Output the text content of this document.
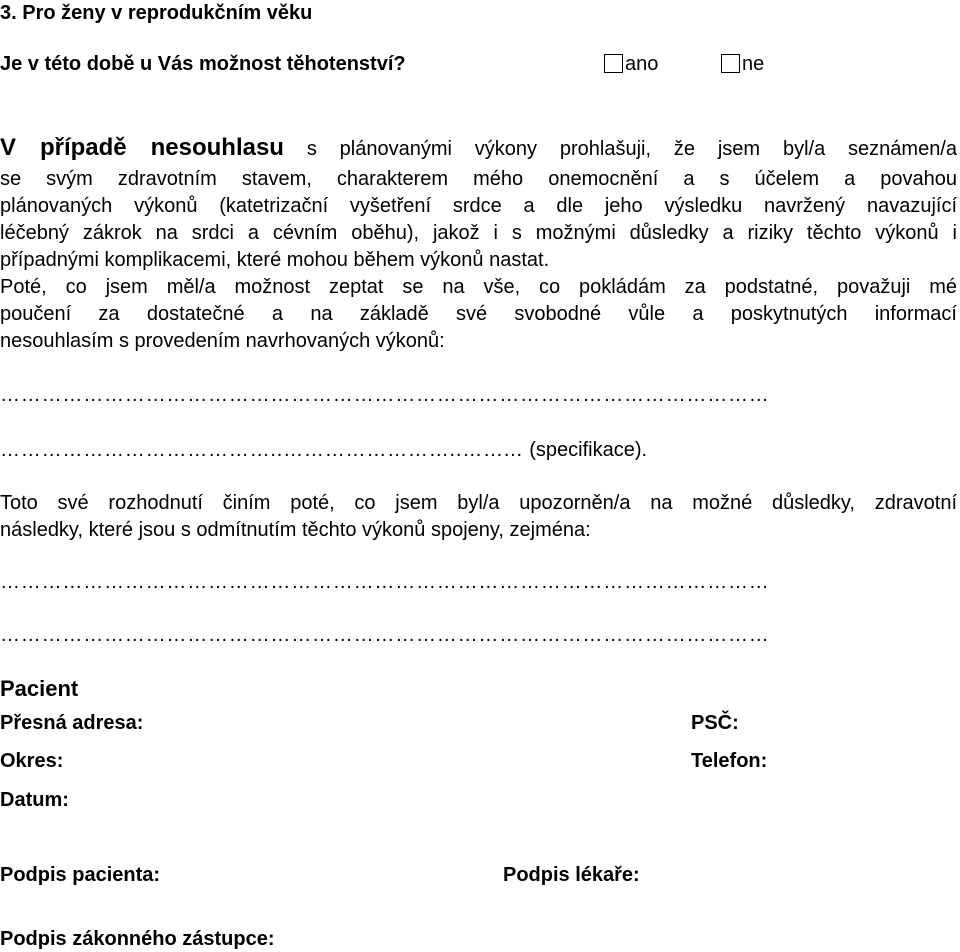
3. Pro ženy v reprodukčním věku
Je v této době u Vás možnost těhotenství?	ano	ne
V případě nesouhlasu s plánovanými výkony prohlašuji, že jsem byl/a seznámen/a
se svým zdravotním stavem, charakterem mého onemocnění a s účelem a povahou
plánovaných výkonů (katetrizační vyšetření srdce a dle jeho výsledku navržený navazující
léčebný zákrok na srdci a cévním oběhu), jakož i s možnými důsledky a riziky těchto výkonů i
případnými komplikacemi, které mohou během výkonů nastat.
Poté, co jsem měl/a možnost zeptat se na vše, co pokládám za podstatné, považuji mé
poučení za dostatečné a na základě své svobodné vůle a poskytnutých informací
nesouhlasím s provedením navrhovaných výkonů:
…………………………………………………………………………………………………
…………………………………..……………………..……... (specifikace).
Toto své rozhodnutí činím poté, co jsem byl/a upozorněn/a na možné důsledky, zdravotní
následky, které jsou s odmítnutím těchto výkonů spojeny, zejména:
…………………………………………………………………………………………………
…………………………………………………………………………………………………
Pacient
Přesná adresa:	PSČ:
Okres:	Telefon:
Datum:
Podpis pacienta:	Podpis lékaře:
Podpis zákonného zástupce:
